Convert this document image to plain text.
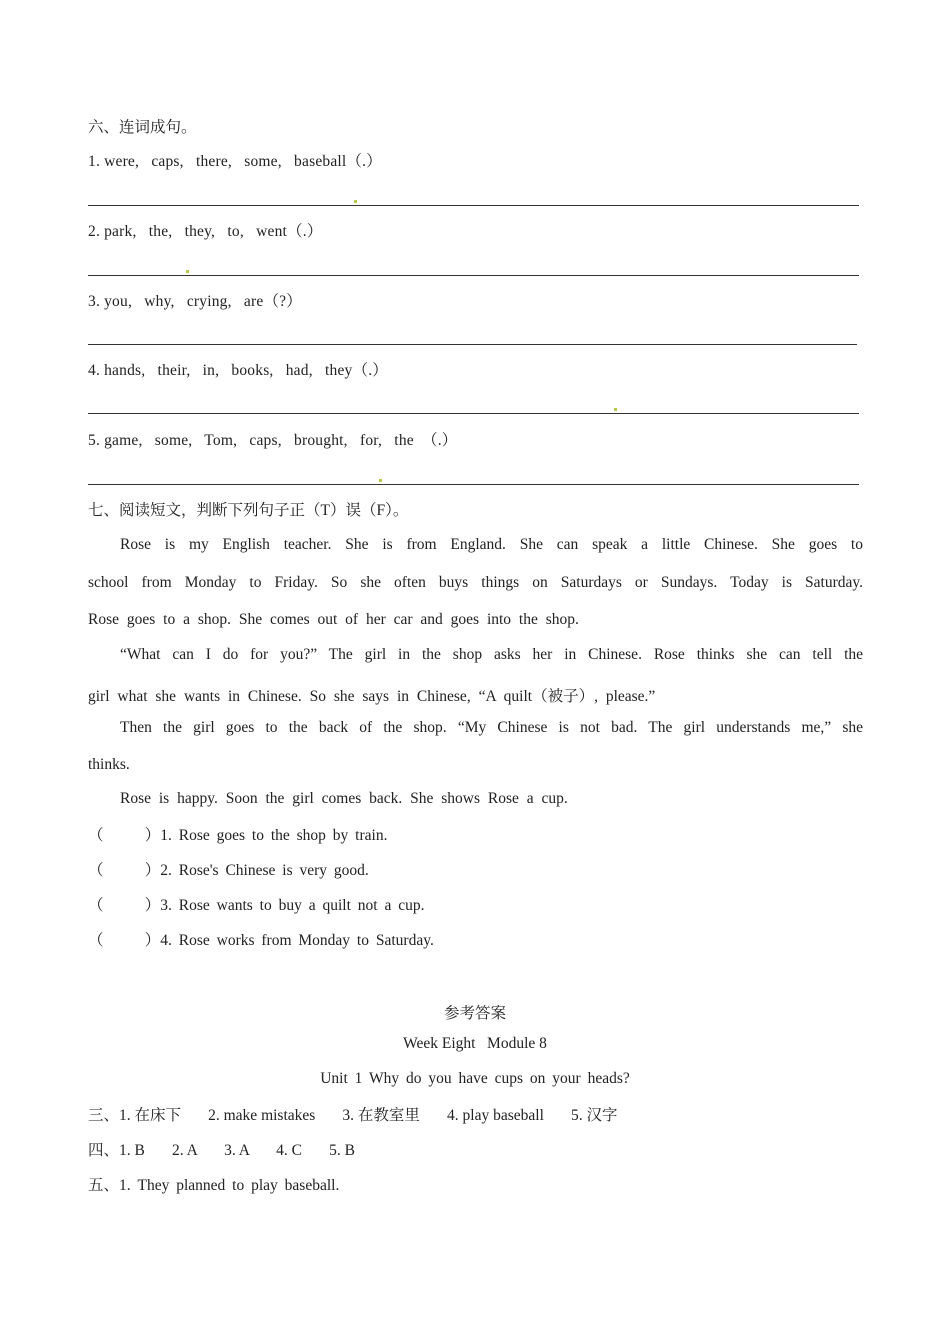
六、连词成句。
1. were,   caps,   there,   some,   baseball（.）
2. park,   the,   they,   to,   went（.）
3. you,   why,   crying,   are（?）
4. hands,   their,   in,   books,   had,   they（.）
5. game,   some,   Tom,   caps,   brought,   for,   the  （.）
七、阅读短文，判断下列句子正（T）误（F）。
Rose is my English teacher. She is from England. She can speak a little Chinese. She goes to
school from Monday to Friday. So she often buys things on Saturdays or Sundays. Today is Saturday.
Rose goes to a shop. She comes out of her car and goes into the shop.
“What can I do for you?” The girl in the shop asks her in Chinese. Rose thinks she can tell the
girl what she wants in Chinese. So she says in Chinese, “A quilt（被子）, please.”
Then the girl goes to the back of the shop. “My Chinese is not bad. The girl understands me,” she
thinks.
Rose is happy. Soon the girl comes back. She shows Rose a cup.
（      ）1. Rose goes to the shop by train.
（      ）2. Rose's Chinese is very good.
（      ）3. Rose wants to buy a quilt not a cup.
（      ）4. Rose works from Monday to Saturday.
参考答案
Week Eight   Module 8
Unit 1 Why do you have cups on your heads?
三、1. 在床下       2. make mistakes       3. 在教室里       4. play baseball       5. 汉字
四、1. B       2. A       3. A       4. C       5. B
五、1. They planned to play baseball.
